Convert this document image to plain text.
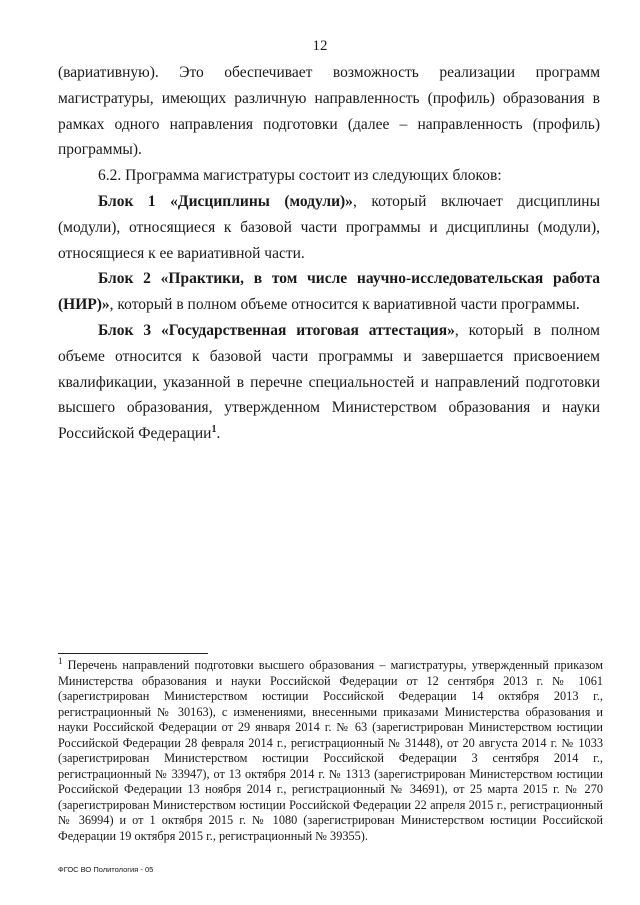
12

(вариативную). Это обеспечивает возможность реализации программ магистратуры, имеющих различную направленность (профиль) образования в рамках одного направления подготовки (далее – направленность (профиль) программы).

6.2. Программа магистратуры состоит из следующих блоков:

Блок 1 «Дисциплины (модули)», который включает дисциплины (модули), относящиеся к базовой части программы и дисциплины (модули), относящиеся к ее вариативной части.

Блок 2 «Практики, в том числе научно-исследовательская работа (НИР)», который в полном объеме относится к вариативной части программы.

Блок 3 «Государственная итоговая аттестация», который в полном объеме относится к базовой части программы и завершается присвоением квалификации, указанной в перечне специальностей и направлений подготовки высшего образования, утвержденном Министерством образования и науки Российской Федерации$^1$.

$^1$ Перечень направлений подготовки высшего образования – магистратуры, утвержденный приказом Министерства образования и науки Российской Федерации от 12 сентября 2013 г. № 1061 (зарегистрирован Министерством юстиции Российской Федерации 14 октября 2013 г., регистрационный № 30163), с изменениями, внесенными приказами Министерства образования и науки Российской Федерации от 29 января 2014 г. № 63 (зарегистрирован Министерством юстиции Российской Федерации 28 февраля 2014 г., регистрационный № 31448), от 20 августа 2014 г. № 1033 (зарегистрирован Министерством юстиции Российской Федерации 3 сентября 2014 г., регистрационный № 33947), от 13 октября 2014 г. № 1313 (зарегистрирован Министерством юстиции Российской Федерации 13 ноября 2014 г., регистрационный № 34691), от 25 марта 2015 г. № 270 (зарегистрирован Министерством юстиции Российской Федерации 22 апреля 2015 г., регистрационный № 36994) и от 1 октября 2015 г. № 1080 (зарегистрирован Министерством юстиции Российской Федерации 19 октября 2015 г., регистрационный № 39355).
ФГОС ВО Политология - 05
